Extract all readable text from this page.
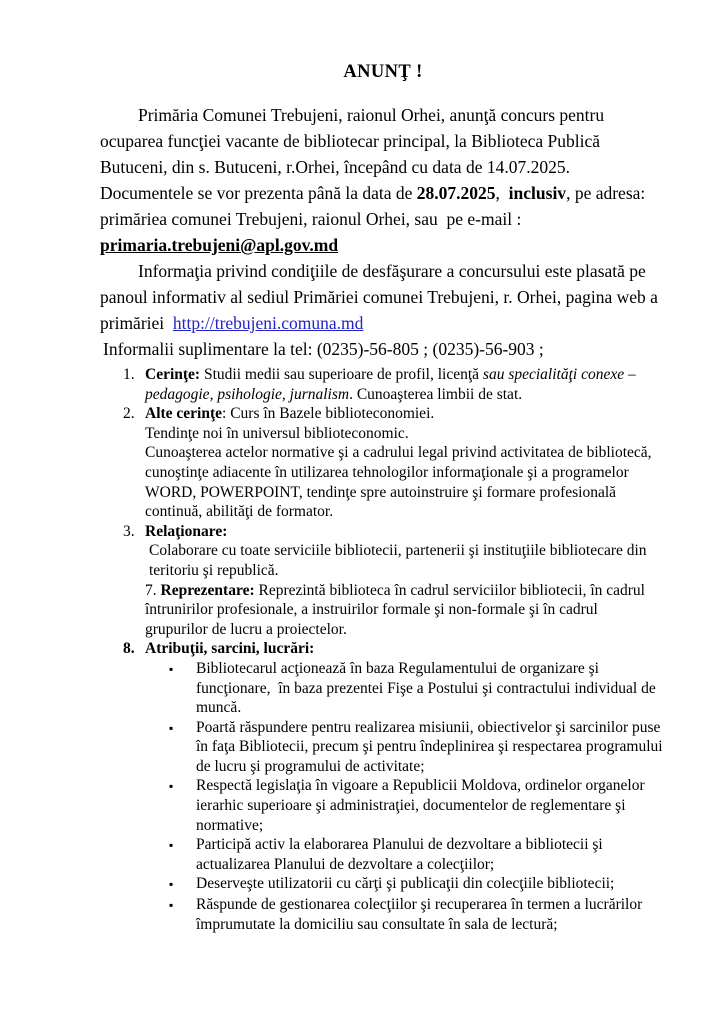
ANUNŢ !

Primăria Comunei Trebujeni, raionul Orhei, anunţă concurs pentru ocuparea funcţiei vacante de bibliotecar principal, la Biblioteca Publică Butuceni, din s. Butuceni, r.Orhei, începând cu data de 14.07.2025. Documentele se vor prezenta până la data de 28.07.2025,  inclusiv, pe adresa: primăriea comunei Trebujeni, raionul Orhei, sau  pe e-mail : primaria.trebujeni@apl.gov.md

Informaţia privind condiţiile de desfăşurare a concursului este plasată pe panoul informativ al sediul Primăriei comunei Trebujeni, r. Orhei, pagina web a primăriei  http://trebujeni.comuna.md

Informalii suplimentare la tel: (0235)-56-805 ; (0235)-56-903 ;

1. Cerinţe: Studii medii sau superioare de profil, licenţă sau specialităţi conexe – pedagogie, psihologie, jurnalism. Cunoaşterea limbii de stat.
2. Alte cerinţe: Curs în Bazele biblioteconomiei.
Tendinţe noi în universul biblioteconomic.
Cunoaşterea actelor normative şi a cadrului legal privind activitatea de bibliotecă, cunoştinţe adiacente în utilizarea tehnologilor informaţionale şi a programelor WORD, POWERPOINT, tendinţe spre autoinstruire şi formare profesională continuă, abilităţi de formator.
3. Relaţionare:
Colaborare cu toate serviciile bibliotecii, partenerii şi instituţiile bibliotecare din teritoriu şi republică.
7. Reprezentare: Reprezintă biblioteca în cadrul serviciilor bibliotecii, în cadrul întrunirilor profesionale, a instruirilor formale şi non-formale şi în cadrul grupurilor de lucru a proiectelor.
8. Atribuţii, sarcini, lucrări:
▪
Bibliotecarul acţionează în baza Regulamentului de organizare şi funcţionare,  în baza prezentei Fişe a Postului şi contractului individual de muncă.
▪
Poartă răspundere pentru realizarea misiunii, obiectivelor şi sarcinilor puse în faţa Bibliotecii, precum şi pentru îndeplinirea şi respectarea programului de lucru şi programului de activitate;
▪
Respectă legislaţia în vigoare a Republicii Moldova, ordinelor organelor ierarhic superioare şi administraţiei, documentelor de reglementare şi normative;
▪
Participă activ la elaborarea Planului de dezvoltare a bibliotecii şi actualizarea Planului de dezvoltare a colecţiilor;
▪
Deserveşte utilizatorii cu cărţi şi publicaţii din colecţiile bibliotecii;
▪
Răspunde de gestionarea colecţiilor şi recuperarea în termen a lucrărilor împrumutate la domiciliu sau consultate în sala de lectură;
